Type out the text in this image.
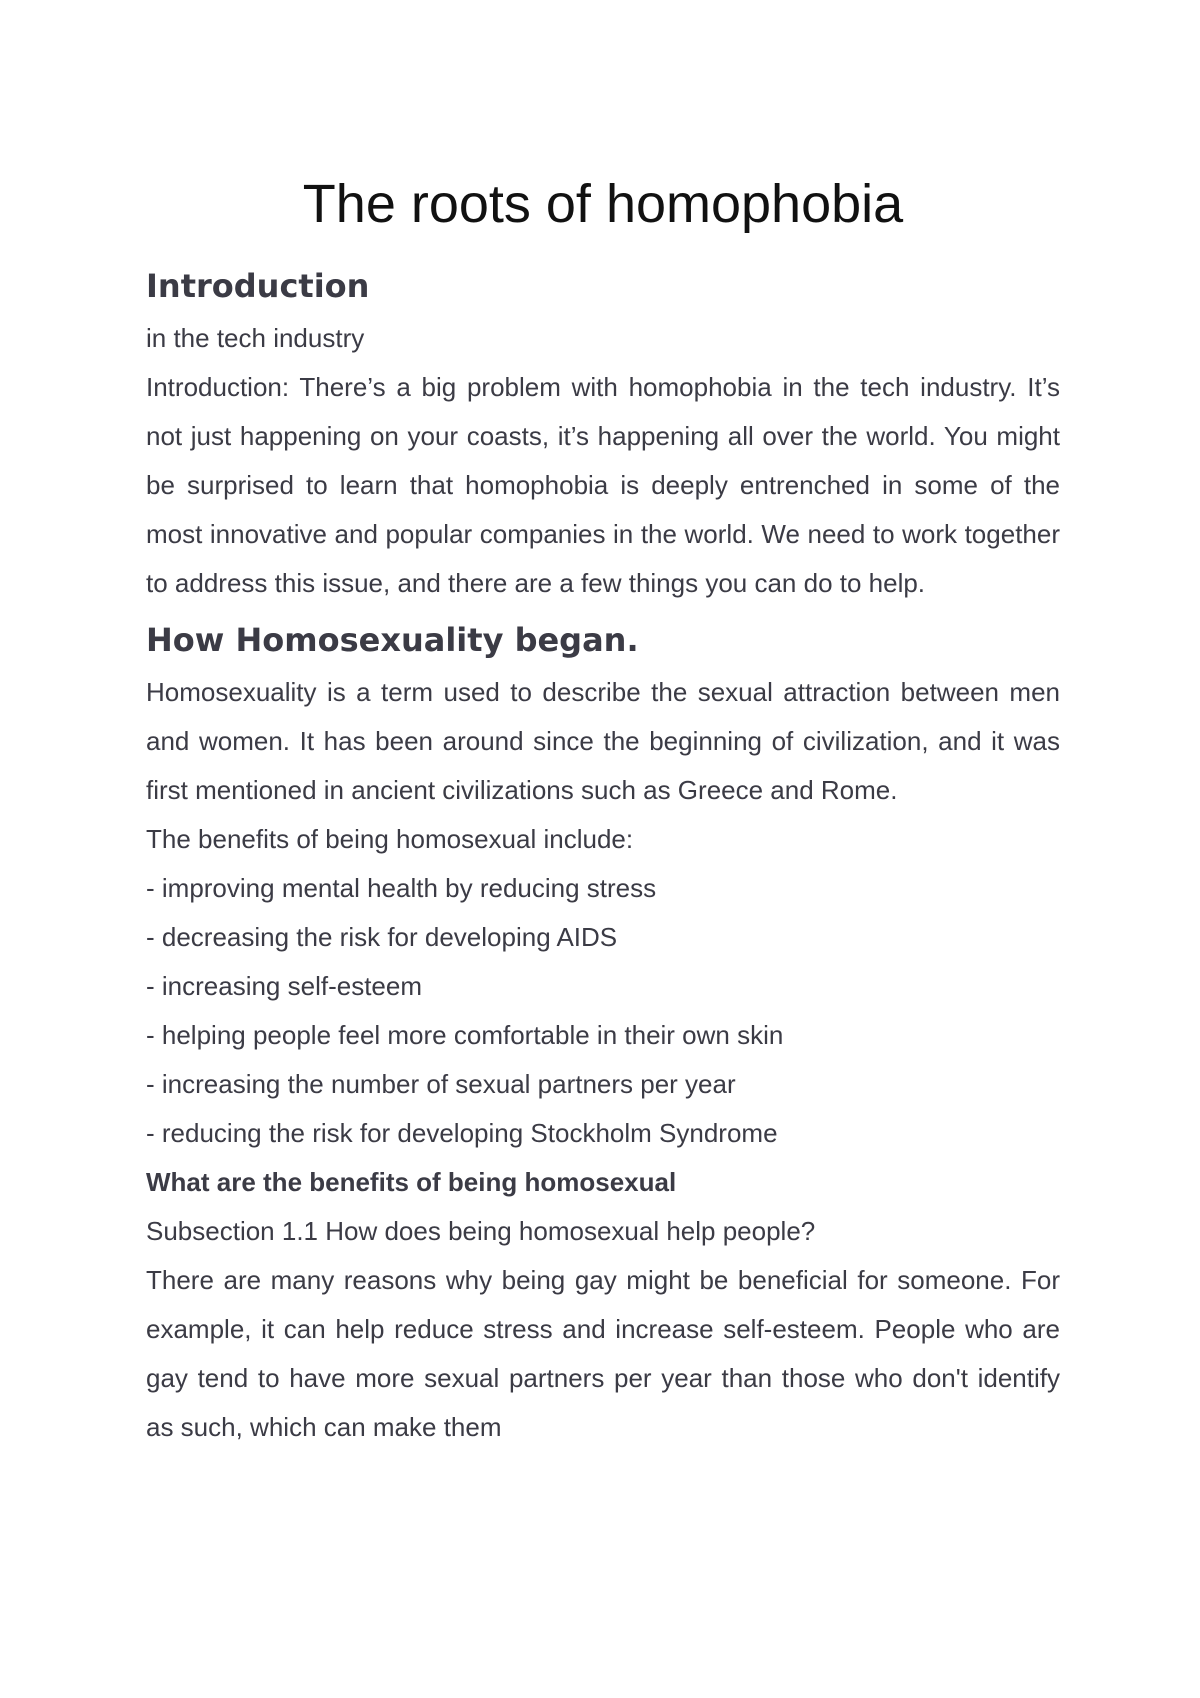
The roots of homophobia
Introduction

in the tech industry

Introduction: There’s a big problem with homophobia in the tech industry. It’s not just happening on your coasts, it’s happening all over the world. You might be surprised to learn that homophobia is deeply entrenched in some of the most innovative and popular companies in the world. We need to work together to address this issue, and there are a few things you can do to help.

How Homosexuality began.

Homosexuality is a term used to describe the sexual attraction between men and women. It has been around since the beginning of civilization, and it was first mentioned in ancient civilizations such as Greece and Rome.

The benefits of being homosexual include:

- improving mental health by reducing stress
- decreasing the risk for developing AIDS
- increasing self-esteem
- helping people feel more comfortable in their own skin
- increasing the number of sexual partners per year
- reducing the risk for developing Stockholm Syndrome
What are the benefits of being homosexual

Subsection 1.1 How does being homosexual help people?

There are many reasons why being gay might be beneficial for someone. For example, it can help reduce stress and increase self-esteem. People who are gay tend to have more sexual partners per year than those who don't identify as such, which can make them
